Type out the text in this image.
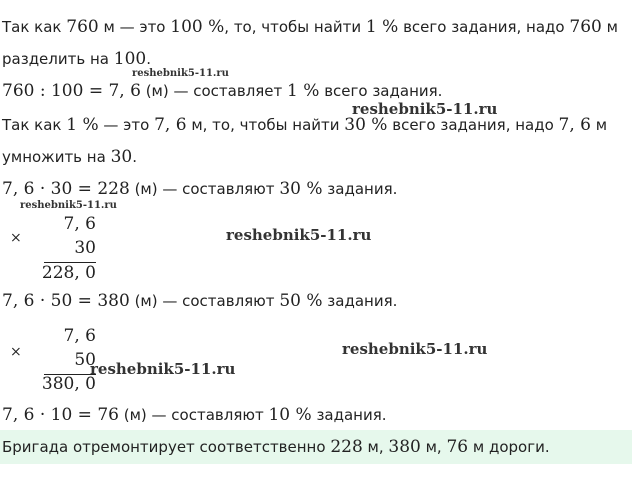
Так как 760 м — это 100 %, то, чтобы найти 1 % всего задания, надо 760 м
разделить на 100.
reshebnik5-11.ru
760 : 100 = 7, 6 (м) — составляет 1 % всего задания.
reshebnik5-11.ru
Так как 1 % — это 7, 6 м, то, чтобы найти 30 % всего задания, надо 7, 6 м
умножить на 30.
7, 6 · 30 = 228 (м) — составляют 30 % задания.
reshebnik5-11.ru
×
7, 6
30
228, 0
reshebnik5-11.ru
7, 6 · 50 = 380 (м) — составляют 50 % задания.
×
7, 6
50
380, 0
reshebnik5-11.ru
reshebnik5-11.ru
7, 6 · 10 = 76 (м) — составляют 10 % задания.
Бригада отремонтирует соответственно 228 м, 380 м, 76 м дороги.
